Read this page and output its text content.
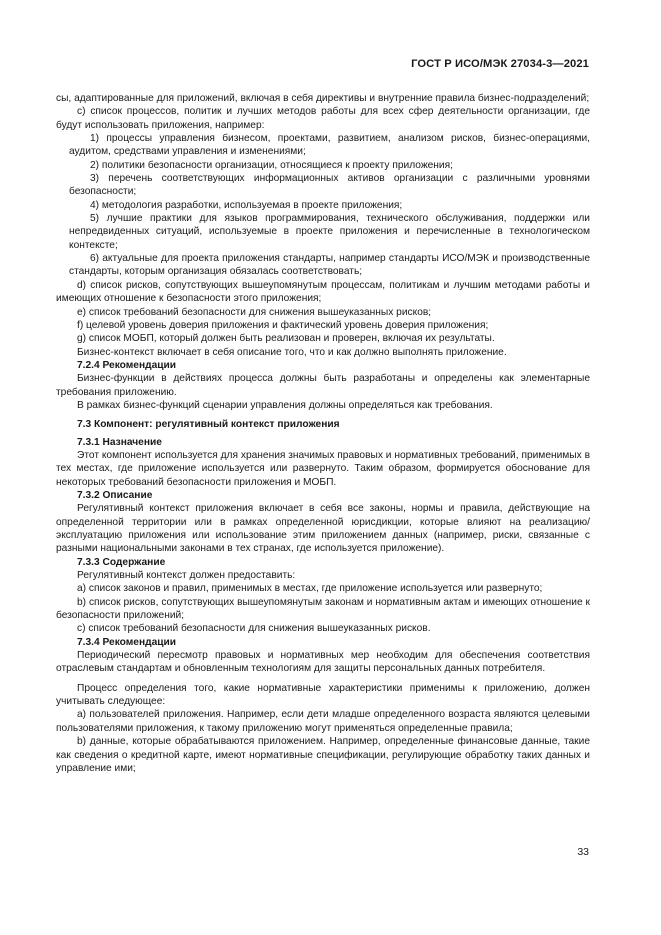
ГОСТ Р ИСО/МЭК 27034-3—2021

сы, адаптированные для приложений, включая в себя директивы и внутренние правила бизнес-подразделений;

c) список процессов, политик и лучших методов работы для всех сфер деятельности организации, где будут использовать приложения, например:

1) процессы управления бизнесом, проектами, развитием, анализом рисков, бизнес-операциями, аудитом, средствами управления и изменениями;

2) политики безопасности организации, относящиеся к проекту приложения;

3) перечень соответствующих информационных активов организации с различными уровнями безопасности;

4) методология разработки, используемая в проекте приложения;

5) лучшие практики для языков программирования, технического обслуживания, поддержки или непредвиденных ситуаций, используемые в проекте приложения и перечисленные в технологическом контексте;

6) актуальные для проекта приложения стандарты, например стандарты ИСО/МЭК и производственные стандарты, которым организация обязалась соответствовать;

d) список рисков, сопутствующих вышеупомянутым процессам, политикам и лучшим методами работы и имеющих отношение к безопасности этого приложения;

e) список требований безопасности для снижения вышеуказанных рисков;

f) целевой уровень доверия приложения и фактический уровень доверия приложения;

g) список МОБП, который должен быть реализован и проверен, включая их результаты.

Бизнес-контекст включает в себя описание того, что и как должно выполнять приложение.

7.2.4 Рекомендации

Бизнес-функции в действиях процесса должны быть разработаны и определены как элементарные требования приложению.

В рамках бизнес-функций сценарии управления должны определяться как требования.

7.3 Компонент: регулятивный контекст приложения

7.3.1 Назначение

Этот компонент используется для хранения значимых правовых и нормативных требований, применимых в тех местах, где приложение используется или развернуто. Таким образом, формируется обоснование для некоторых требований безопасности приложения и МОБП.

7.3.2 Описание

Регулятивный контекст приложения включает в себя все законы, нормы и правила, действующие на определенной территории или в рамках определенной юрисдикции, которые влияют на реализацию/эксплуатацию приложения или использование этим приложением данных (например, риски, связанные с разными национальными законами в тех странах, где используется приложение).

7.3.3 Содержание

Регулятивный контекст должен предоставить:

a) список законов и правил, применимых в местах, где приложение используется или развернуто;

b) список рисков, сопутствующих вышеупомянутым законам и нормативным актам и имеющих отношение к безопасности приложений;

c) список требований безопасности для снижения вышеуказанных рисков.

7.3.4 Рекомендации

Периодический пересмотр правовых и нормативных мер необходим для обеспечения соответствия отраслевым стандартам и обновленным технологиям для защиты персональных данных потребителя.

Процесс определения того, какие нормативные характеристики применимы к приложению, должен учитывать следующее:

a) пользователей приложения. Например, если дети младше определенного возраста являются целевыми пользователями приложения, к такому приложению могут применяться определенные правила;

b) данные, которые обрабатываются приложением. Например, определенные финансовые данные, такие как сведения о кредитной карте, имеют нормативные спецификации, регулирующие обработку таких данных и управление ими;

33
